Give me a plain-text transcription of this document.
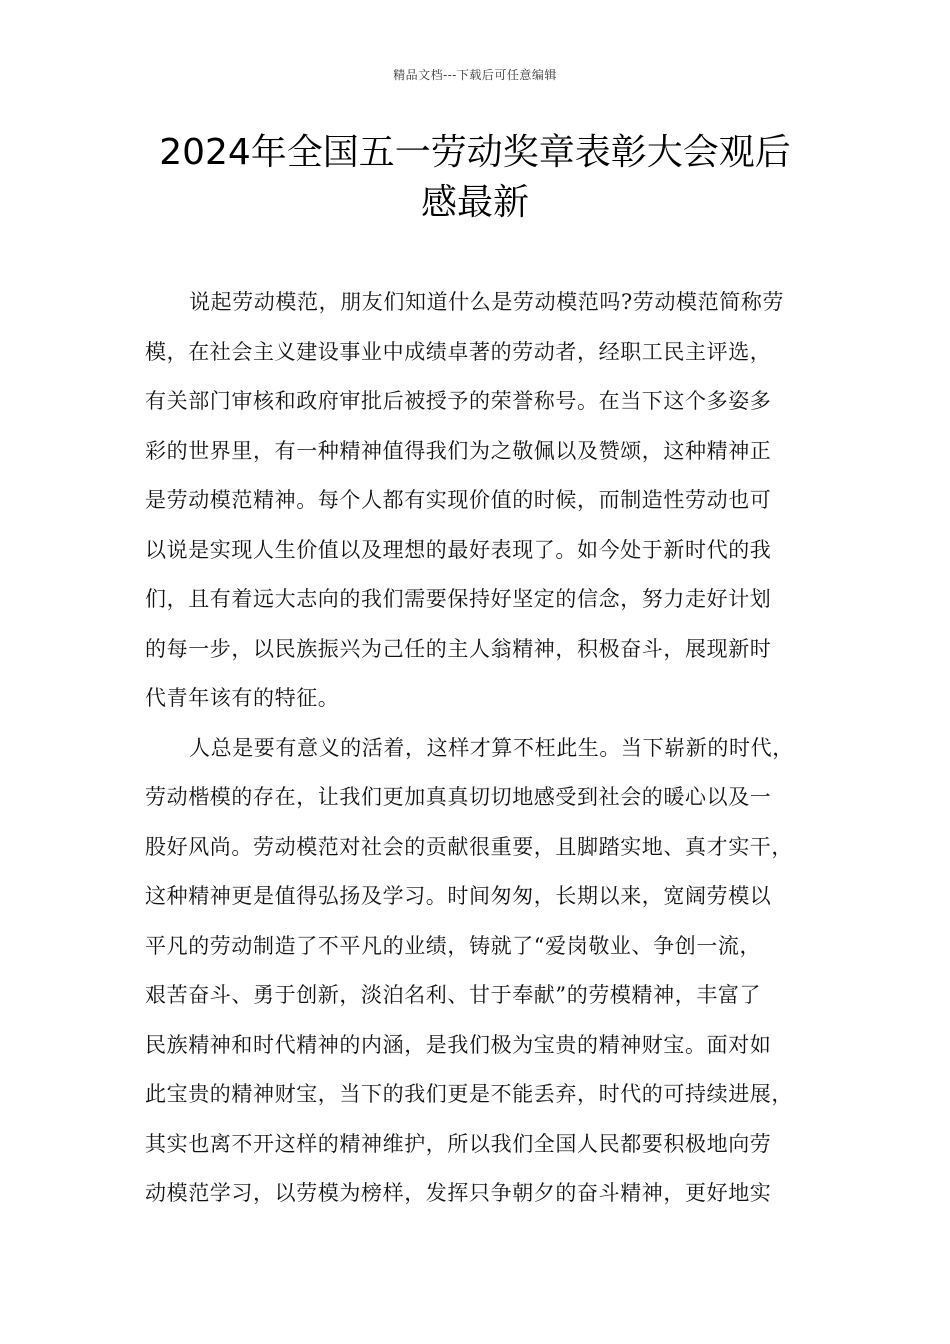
精品文档---下载后可任意编辑
2024年全国五一劳动奖章表彰大会观后
感最新

说起劳动模范，朋友们知道什么是劳动模范吗?劳动模范简称劳
模，在社会主义建设事业中成绩卓著的劳动者，经职工民主评选，
有关部门审核和政府审批后被授予的荣誉称号。在当下这个多姿多
彩的世界里，有一种精神值得我们为之敬佩以及赞颂，这种精神正
是劳动模范精神。每个人都有实现价值的时候，而制造性劳动也可
以说是实现人生价值以及理想的最好表现了。如今处于新时代的我
们，且有着远大志向的我们需要保持好坚定的信念，努力走好计划
的每一步，以民族振兴为己任的主人翁精神，积极奋斗，展现新时
代青年该有的特征。

人总是要有意义的活着，这样才算不枉此生。当下崭新的时代，
劳动楷模的存在，让我们更加真真切切地感受到社会的暖心以及一
股好风尚。劳动模范对社会的贡献很重要，且脚踏实地、真才实干，
这种精神更是值得弘扬及学习。时间匆匆，长期以来，宽阔劳模以
平凡的劳动制造了不平凡的业绩，铸就了“爱岗敬业、争创一流，
艰苦奋斗、勇于创新，淡泊名利、甘于奉献”的劳模精神，丰富了
民族精神和时代精神的内涵，是我们极为宝贵的精神财宝。面对如
此宝贵的精神财宝，当下的我们更是不能丢弃，时代的可持续进展，
其实也离不开这样的精神维护，所以我们全国人民都要积极地向劳
动模范学习，以劳模为榜样，发挥只争朝夕的奋斗精神，更好地实
